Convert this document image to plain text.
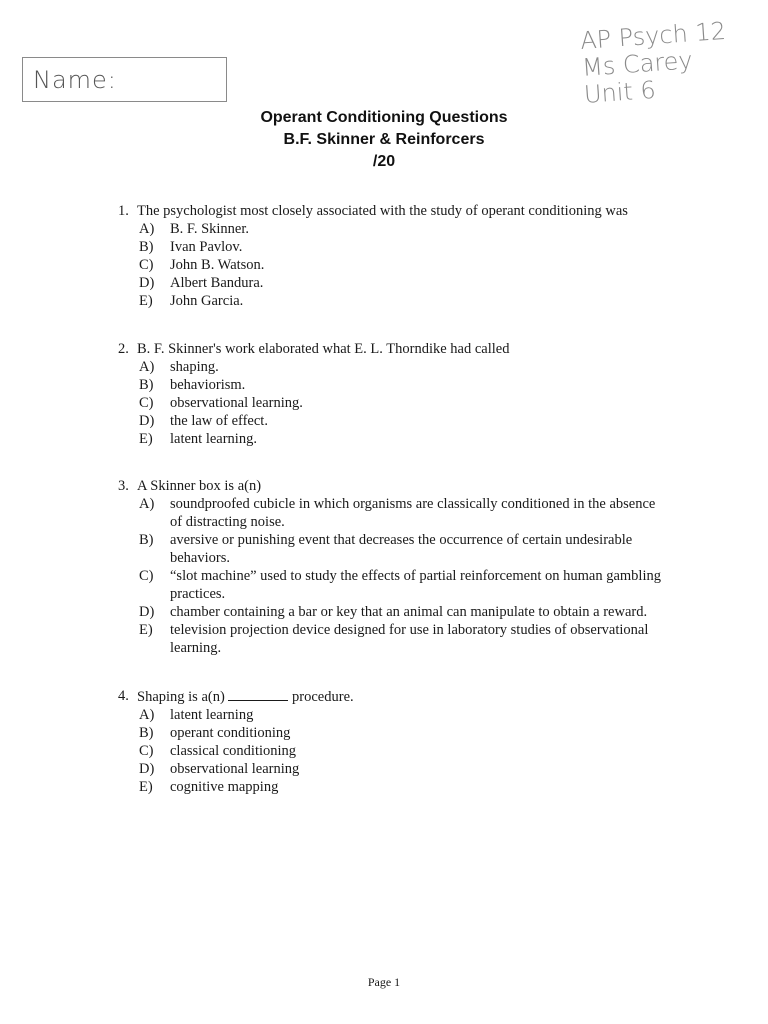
Name:
AP Psych 12
Ms Carey
Unit 6
Operant Conditioning Questions
B.F. Skinner & Reinforcers
/20
1. The psychologist most closely associated with the study of operant conditioning was
A)	B. F. Skinner.
B)	Ivan Pavlov.
C)	John B. Watson.
D)	Albert Bandura.
E)	John Garcia.
2. B. F. Skinner's work elaborated what E. L. Thorndike had called
A)	shaping.
B)	behaviorism.
C)	observational learning.
D)	the law of effect.
E)	latent learning.
3. A Skinner box is a(n)
A)	soundproofed cubicle in which organisms are classically conditioned in the absence of distracting noise.
B)	aversive or punishing event that decreases the occurrence of certain undesirable behaviors.
C)	“slot machine” used to study the effects of partial reinforcement on human gambling practices.
D)	chamber containing a bar or key that an animal can manipulate to obtain a reward.
E)	television projection device designed for use in laboratory studies of observational learning.
4. Shaping is a(n)	procedure.
A)	latent learning
B)	operant conditioning
C)	classical conditioning
D)	observational learning
E)	cognitive mapping
Page 1
